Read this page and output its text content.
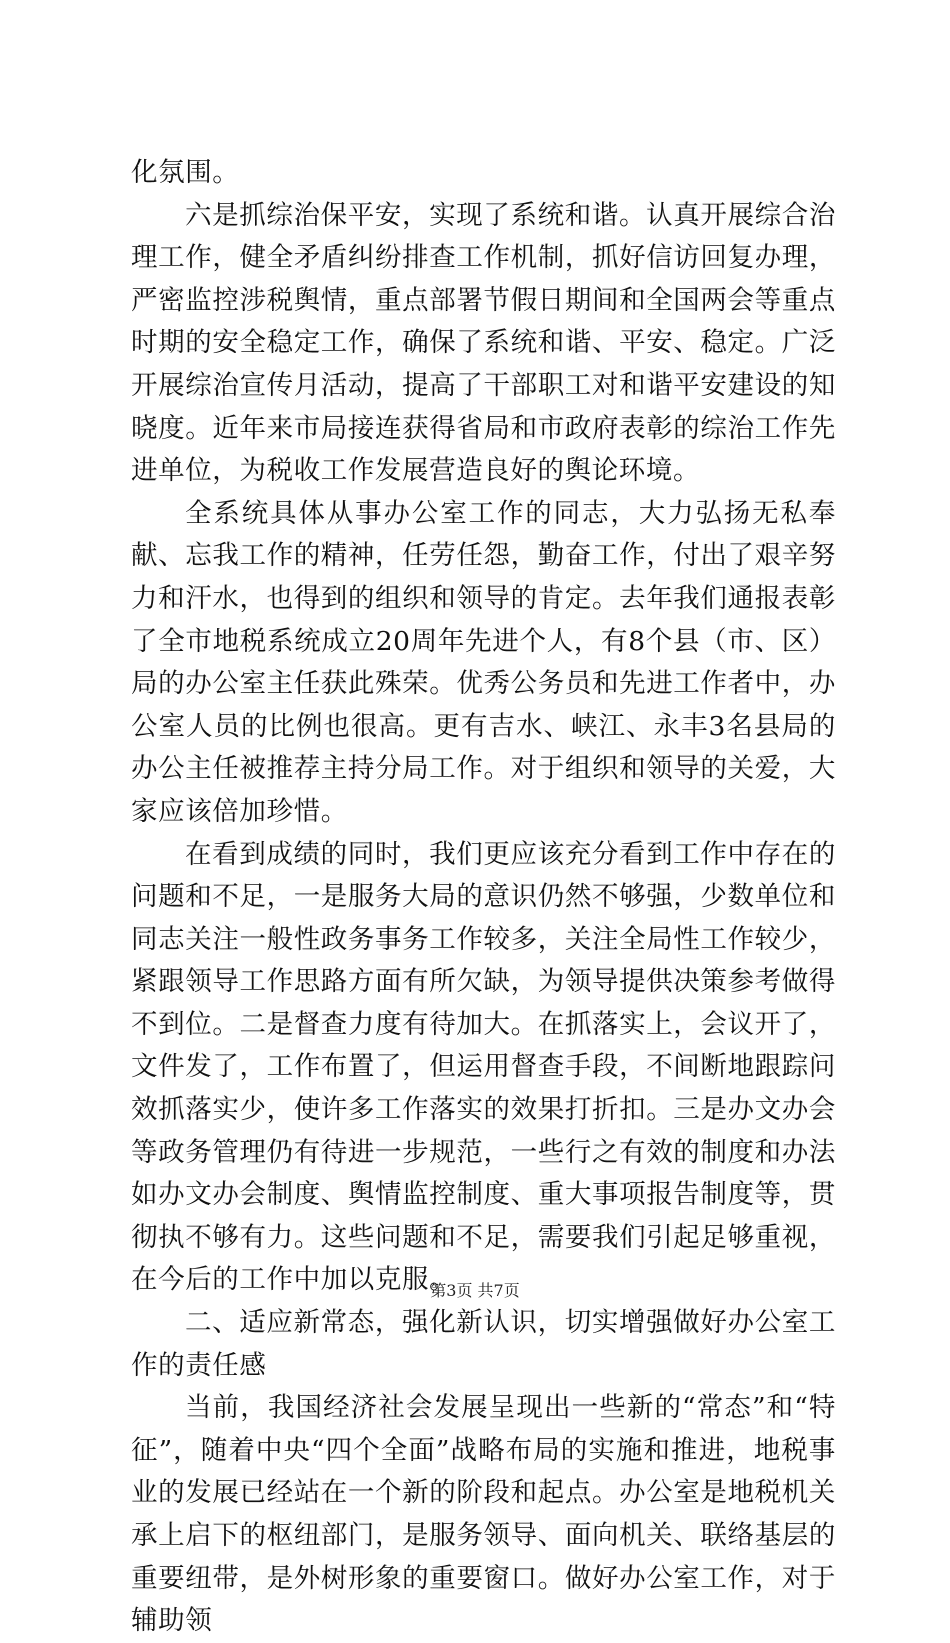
化氛围。

六是抓综治保平安，实现了系统和谐。认真开展综合治理工作，健全矛盾纠纷排查工作机制，抓好信访回复办理，严密监控涉税舆情，重点部署节假日期间和全国两会等重点时期的安全稳定工作，确保了系统和谐、平安、稳定。广泛开展综治宣传月活动，提高了干部职工对和谐平安建设的知晓度。近年来市局接连获得省局和市政府表彰的综治工作先进单位，为税收工作发展营造良好的舆论环境。

全系统具体从事办公室工作的同志，大力弘扬无私奉献、忘我工作的精神，任劳任怨，勤奋工作，付出了艰辛努力和汗水，也得到的组织和领导的肯定。去年我们通报表彰了全市地税系统成立20周年先进个人，有8个县（市、区）局的办公室主任获此殊荣。优秀公务员和先进工作者中，办公室人员的比例也很高。更有吉水、峡江、永丰3名县局的办公主任被推荐主持分局工作。对于组织和领导的关爱，大家应该倍加珍惜。

在看到成绩的同时，我们更应该充分看到工作中存在的问题和不足，一是服务大局的意识仍然不够强，少数单位和同志关注一般性政务事务工作较多，关注全局性工作较少，紧跟领导工作思路方面有所欠缺，为领导提供决策参考做得不到位。二是督查力度有待加大。在抓落实上，会议开了，文件发了，工作布置了，但运用督查手段，不间断地跟踪问效抓落实少，使许多工作落实的效果打折扣。三是办文办会等政务管理仍有待进一步规范，一些行之有效的制度和办法如办文办会制度、舆情监控制度、重大事项报告制度等，贯彻执不够有力。这些问题和不足，需要我们引起足够重视，在今后的工作中加以克服。

二、适应新常态，强化新认识，切实增强做好办公室工作的责任感

当前，我国经济社会发展呈现出一些新的“常态”和“特征”，随着中央“四个全面”战略布局的实施和推进，地税事业的发展已经站在一个新的阶段和起点。办公室是地税机关承上启下的枢纽部门，是服务领导、面向机关、联络基层的重要纽带，是外树形象的重要窗口。做好办公室工作，对于辅助领

第3页 共7页
